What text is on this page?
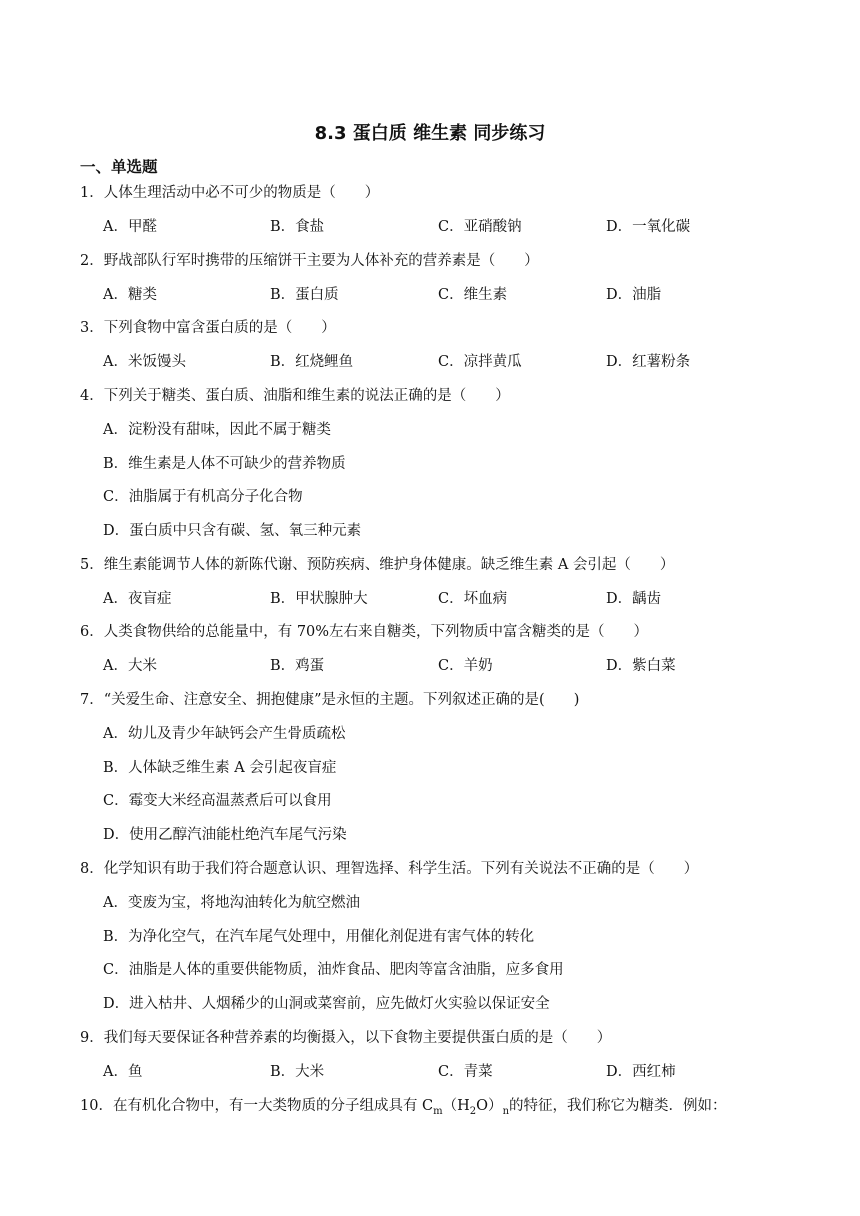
8.3 蛋白质 维生素 同步练习
一、单选题
1．人体生理活动中必不可少的物质是（　　）
A．甲醛	B．食盐	C．亚硝酸钠	D．一氧化碳
2．野战部队行军时携带的压缩饼干主要为人体补充的营养素是（　　）
A．糖类	B．蛋白质	C．维生素	D．油脂
3．下列食物中富含蛋白质的是（　　）
A．米饭馒头	B．红烧鲤鱼	C．凉拌黄瓜	D．红薯粉条
4．下列关于糖类、蛋白质、油脂和维生素的说法正确的是（　　）
A．淀粉没有甜味，因此不属于糖类
B．维生素是人体不可缺少的营养物质
C．油脂属于有机高分子化合物
D．蛋白质中只含有碳、氢、氧三种元素
5．维生素能调节人体的新陈代谢、预防疾病、维护身体健康。缺乏维生素 A 会引起（　　）
A．夜盲症	B．甲状腺肿大	C．坏血病	D．龋齿
6．人类食物供给的总能量中，有 70%左右来自糖类，下列物质中富含糖类的是（　　）
A．大米	B．鸡蛋	C．羊奶	D．紫白菜
7．“关爱生命、注意安全、拥抱健康”是永恒的主题。下列叙述正确的是(　　)
A．幼儿及青少年缺钙会产生骨质疏松
B．人体缺乏维生素 A 会引起夜盲症
C．霉变大米经高温蒸煮后可以食用
D．使用乙醇汽油能杜绝汽车尾气污染
8．化学知识有助于我们符合题意认识、理智选择、科学生活。下列有关说法不正确的是（　　）
A．变废为宝，将地沟油转化为航空燃油
B．为净化空气，在汽车尾气处理中，用催化剂促进有害气体的转化
C．油脂是人体的重要供能物质，油炸食品、肥肉等富含油脂，应多食用
D．进入枯井、人烟稀少的山洞或菜窖前，应先做灯火实验以保证安全
9．我们每天要保证各种营养素的均衡摄入，以下食物主要提供蛋白质的是（　　）
A．鱼	B．大米	C．青菜	D．西红柿
10．在有机化合物中，有一大类物质的分子组成具有 $C_m(H_2O)_n$的特征，我们称它为糖类．例如：
